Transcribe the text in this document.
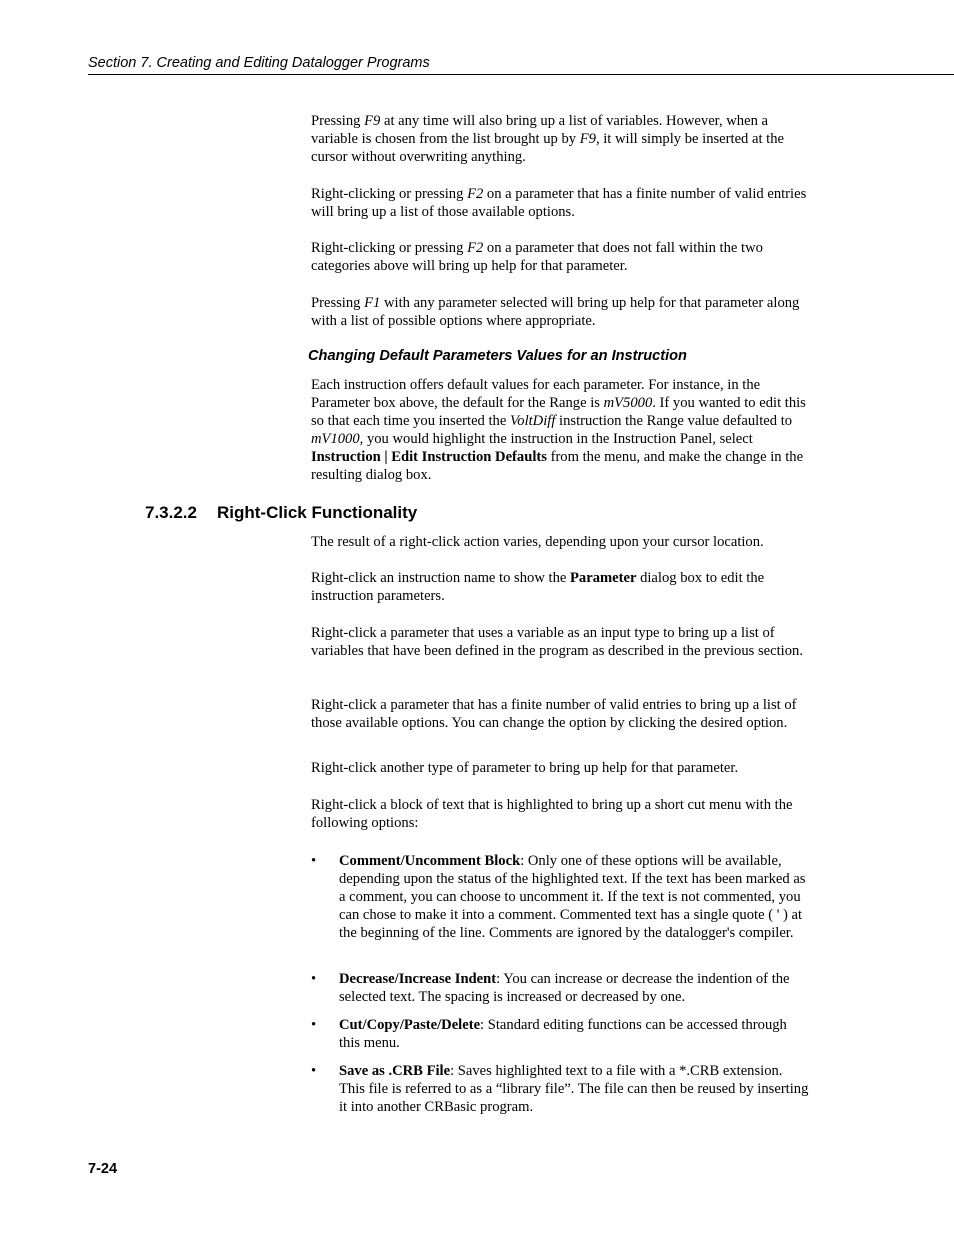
Section 7. Creating and Editing Datalogger Programs

Pressing F9 at any time will also bring up a list of variables. However, when a variable is chosen from the list brought up by F9, it will simply be inserted at the cursor without overwriting anything.

Right-clicking or pressing F2 on a parameter that has a finite number of valid entries will bring up a list of those available options.

Right-clicking or pressing F2 on a parameter that does not fall within the two categories above will bring up help for that parameter.

Pressing F1 with any parameter selected will bring up help for that parameter along with a list of possible options where appropriate.

Changing Default Parameters Values for an Instruction

Each instruction offers default values for each parameter. For instance, in the Parameter box above, the default for the Range is mV5000. If you wanted to edit this so that each time you inserted the VoltDiff instruction the Range value defaulted to mV1000, you would highlight the instruction in the Instruction Panel, select Instruction | Edit Instruction Defaults from the menu, and make the change in the resulting dialog box.

7.3.2.2 Right-Click Functionality

The result of a right-click action varies, depending upon your cursor location.

Right-click an instruction name to show the Parameter dialog box to edit the instruction parameters.

Right-click a parameter that uses a variable as an input type to bring up a list of variables that have been defined in the program as described in the previous section.

Right-click a parameter that has a finite number of valid entries to bring up a list of those available options. You can change the option by clicking the desired option.

Right-click another type of parameter to bring up help for that parameter.

Right-click a block of text that is highlighted to bring up a short cut menu with the following options:

• Comment/Uncomment Block: Only one of these options will be available, depending upon the status of the highlighted text. If the text has been marked as a comment, you can choose to uncomment it. If the text is not commented, you can chose to make it into a comment. Commented text has a single quote ( ' ) at the beginning of the line. Comments are ignored by the datalogger's compiler.
• Decrease/Increase Indent: You can increase or decrease the indention of the selected text. The spacing is increased or decreased by one.
• Cut/Copy/Paste/Delete: Standard editing functions can be accessed through this menu.
• Save as .CRB File: Saves highlighted text to a file with a *.CRB extension. This file is referred to as a “library file”. The file can then be reused by inserting it into another CRBasic program.
7-24
